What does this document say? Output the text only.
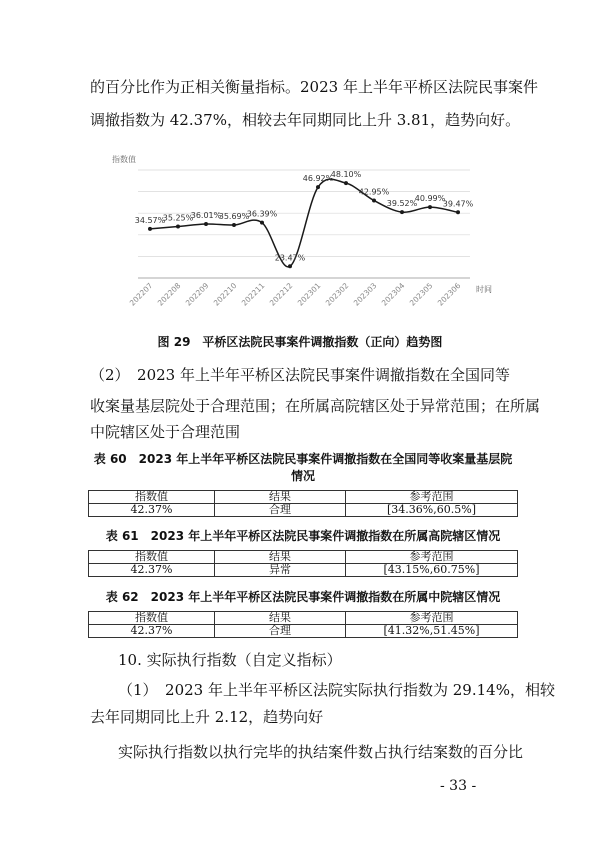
的百分比作为正相关衡量指标。2023 年上半年平桥区法院民事案件
调撤指数为 42.37%，相较去年同期同比上升 3.81，趋势向好。
指数值
34.57%
202207
35.25%
202208
36.01%
202209
35.69%
202210
36.39%
202211
23.47%
202212
46.92%
202301
48.10%
202302
42.95%
202303
39.52%
202304
40.99%
202305
39.47%
202306 时间
图 29　平桥区法院民事案件调撤指数（正向）趋势图
（2）　2023 年上半年平桥区法院民事案件调撤指数在全国同等
收案量基层院处于合理范围；在所属高院辖区处于异常范围；在所属
中院辖区处于合理范围
表 60　2023 年上半年平桥区法院民事案件调撤指数在全国同等收案量基层院
情况
指数值	结果	参考范围
42.37%	合理	[34.36%,60.5%]
表 61　2023 年上半年平桥区法院民事案件调撤指数在所属高院辖区情况
指数值	结果	参考范围
42.37%	异常	[43.15%,60.75%]
表 62　2023 年上半年平桥区法院民事案件调撤指数在所属中院辖区情况
指数值	结果	参考范围
42.37%	合理	[41.32%,51.45%]
10. 实际执行指数（自定义指标）
（1）　2023 年上半年平桥区法院实际执行指数为 29.14%，相较
去年同期同比上升 2.12，趋势向好
实际执行指数以执行完毕的执结案件数占执行结案数的百分比
- 33 -
